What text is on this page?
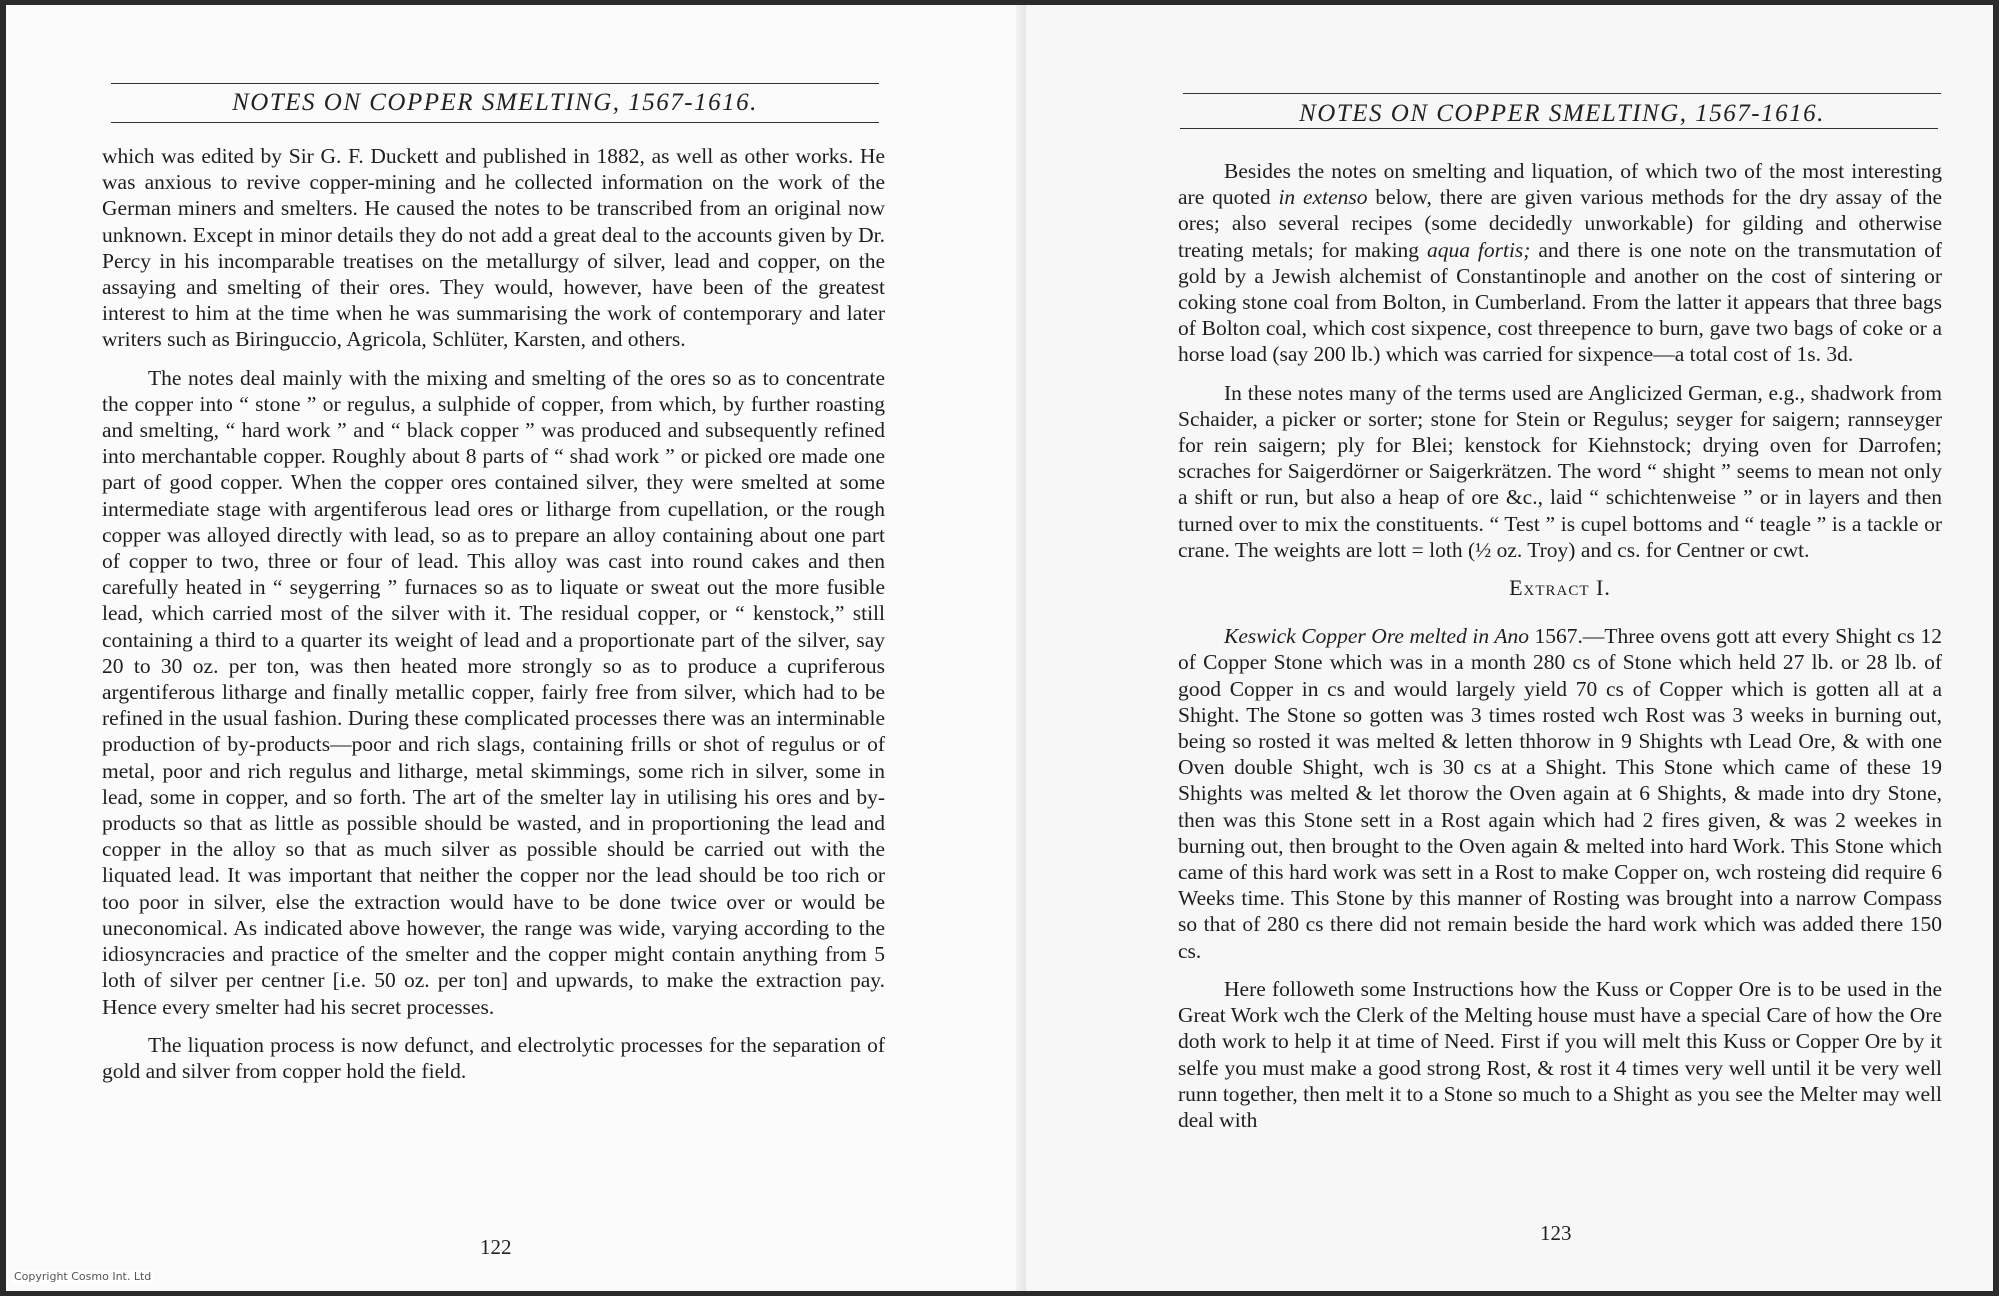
NOTES ON COPPER SMELTING, 1567-1616.

which was edited by Sir G. F. Duckett and published in 1882, as well as other works. He was anxious to revive copper-mining and he collected information on the work of the German miners and smelters. He caused the notes to be transcribed from an original now unknown. Except in minor details they do not add a great deal to the accounts given by Dr. Percy in his incomparable treatises on the metallurgy of silver, lead and copper, on the assaying and smelting of their ores. They would, however, have been of the greatest interest to him at the time when he was summarising the work of contemporary and later writers such as Biringuccio, Agricola, Schlüter, Karsten, and others.

The notes deal mainly with the mixing and smelting of the ores so as to concentrate the copper into “ stone ” or regulus, a sulphide of copper, from which, by further roasting and smelting, “ hard work ” and “ black copper ” was produced and subsequently refined into merchantable copper. Roughly about 8 parts of “ shad work ” or picked ore made one part of good copper. When the copper ores contained silver, they were smelted at some intermediate stage with argentiferous lead ores or litharge from cupellation, or the rough copper was alloyed directly with lead, so as to prepare an alloy containing about one part of copper to two, three or four of lead. This alloy was cast into round cakes and then carefully heated in “ seygerring ” furnaces so as to liquate or sweat out the more fusible lead, which carried most of the silver with it. The residual copper, or “ kenstock,” still containing a third to a quarter its weight of lead and a proportionate part of the silver, say 20 to 30 oz. per ton, was then heated more strongly so as to produce a cupriferous argentiferous litharge and finally metallic copper, fairly free from silver, which had to be refined in the usual fashion. During these complicated processes there was an interminable production of by-products—poor and rich slags, containing frills or shot of regulus or of metal, poor and rich regulus and litharge, metal skimmings, some rich in silver, some in lead, some in copper, and so forth. The art of the smelter lay in utilising his ores and by-products so that as little as possible should be wasted, and in proportioning the lead and copper in the alloy so that as much silver as possible should be carried out with the liquated lead. It was important that neither the copper nor the lead should be too rich or too poor in silver, else the extraction would have to be done twice over or would be uneconomical. As indicated above however, the range was wide, varying according to the idiosyncracies and practice of the smelter and the copper might contain anything from 5 loth of silver per centner [i.e. 50 oz. per ton] and upwards, to make the extraction pay. Hence every smelter had his secret processes.

The liquation process is now defunct, and electrolytic processes for the separation of gold and silver from copper hold the field.

122
NOTES ON COPPER SMELTING, 1567-1616.

Besides the notes on smelting and liquation, of which two of the most interesting are quoted in extenso below, there are given various methods for the dry assay of the ores; also several recipes (some decidedly unworkable) for gilding and otherwise treating metals; for making aqua fortis; and there is one note on the transmutation of gold by a Jewish alchemist of Constantinople and another on the cost of sintering or coking stone coal from Bolton, in Cumberland. From the latter it appears that three bags of Bolton coal, which cost sixpence, cost threepence to burn, gave two bags of coke or a horse load (say 200 lb.) which was carried for sixpence—a total cost of 1s. 3d.

In these notes many of the terms used are Anglicized German, e.g., shadwork from Schaider, a picker or sorter; stone for Stein or Regulus; seyger for saigern; rannseyger for rein saigern; ply for Blei; kenstock for Kiehnstock; drying oven for Darrofen; scraches for Saigerdörner or Saigerkrätzen. The word “ shight ” seems to mean not only a shift or run, but also a heap of ore &c., laid “ schichtenweise ” or in layers and then turned over to mix the constituents. “ Test ” is cupel bottoms and “ teagle ” is a tackle or crane. The weights are lott = loth (½ oz. Troy) and cs. for Centner or cwt.

Extract I.

Keswick Copper Ore melted in Ano 1567.—Three ovens gott att every Shight cs 12 of Copper Stone which was in a month 280 cs of Stone which held 27 lb. or 28 lb. of good Copper in cs and would largely yield 70 cs of Copper which is gotten all at a Shight. The Stone so gotten was 3 times rosted wch Rost was 3 weeks in burning out, being so rosted it was melted & letten thhorow in 9 Shights wth Lead Ore, & with one Oven double Shight, wch is 30 cs at a Shight. This Stone which came of these 19 Shights was melted & let thorow the Oven again at 6 Shights, & made into dry Stone, then was this Stone sett in a Rost again which had 2 fires given, & was 2 weekes in burning out, then brought to the Oven again & melted into hard Work. This Stone which came of this hard work was sett in a Rost to make Copper on, wch rosteing did require 6 Weeks time. This Stone by this manner of Rosting was brought into a narrow Compass so that of 280 cs there did not remain beside the hard work which was added there 150 cs.

Here followeth some Instructions how the Kuss or Copper Ore is to be used in the Great Work wch the Clerk of the Melting house must have a special Care of how the Ore doth work to help it at time of Need. First if you will melt this Kuss or Copper Ore by it selfe you must make a good strong Rost, & rost it 4 times very well until it be very well runn together, then melt it to a Stone so much to a Shight as you see the Melter may well deal with

123
Copyright Cosmo Int. Ltd
